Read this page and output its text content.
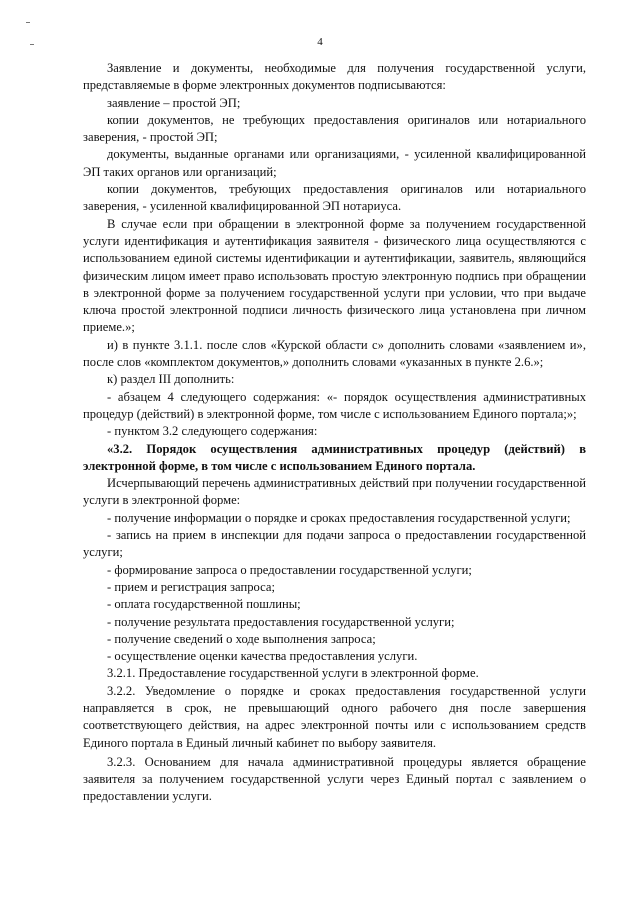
4

Заявление и документы, необходимые для получения государственной услуги, представляемые в форме электронных документов подписываются:

заявление – простой ЭП;

копии документов, не требующих предоставления оригиналов или нотариального заверения, - простой ЭП;

документы, выданные органами или организациями, - усиленной квалифицированной ЭП таких органов или организаций;

копии документов, требующих предоставления оригиналов или нотариального заверения, - усиленной квалифицированной ЭП нотариуса.

В случае если при обращении в электронной форме за получением государственной услуги идентификация и аутентификация заявителя - физического лица осуществляются с использованием единой системы идентификации и аутентификации, заявитель, являющийся физическим лицом имеет право использовать простую электронную подпись при обращении в электронной форме за получением государственной услуги при условии, что при выдаче ключа простой электронной подписи личность физического лица установлена при личном приеме.»;

и) в пункте 3.1.1. после слов «Курской области с» дополнить словами «заявлением и», после слов «комплектом документов,» дополнить словами «указанных в пункте 2.6.»;

к) раздел III дополнить:

- абзацем 4 следующего содержания: «- порядок осуществления административных процедур (действий) в электронной форме, том числе с использованием Единого портала;»;

- пунктом 3.2 следующего содержания:

«3.2. Порядок осуществления административных процедур (действий) в электронной форме, в том числе с использованием Единого портала.

Исчерпывающий перечень административных действий при получении государственной услуги в электронной форме:

- получение информации о порядке и сроках предоставления государственной услуги;

- запись на прием в инспекции для подачи запроса о предоставлении государственной услуги;

- формирование запроса о предоставлении государственной услуги;

- прием и регистрация запроса;

- оплата государственной пошлины;

- получение результата предоставления государственной услуги;

- получение сведений о ходе выполнения запроса;

- осуществление оценки качества предоставления услуги.

3.2.1. Предоставление государственной услуги в электронной форме.

3.2.2. Уведомление о порядке и сроках предоставления государственной услуги направляется в срок, не превышающий одного рабочего дня после завершения соответствующего действия, на адрес электронной почты или с использованием средств Единого портала в Единый личный кабинет по выбору заявителя.

3.2.3. Основанием для начала административной процедуры является обращение заявителя за получением государственной услуги через Единый портал с заявлением о предоставлении услуги.
